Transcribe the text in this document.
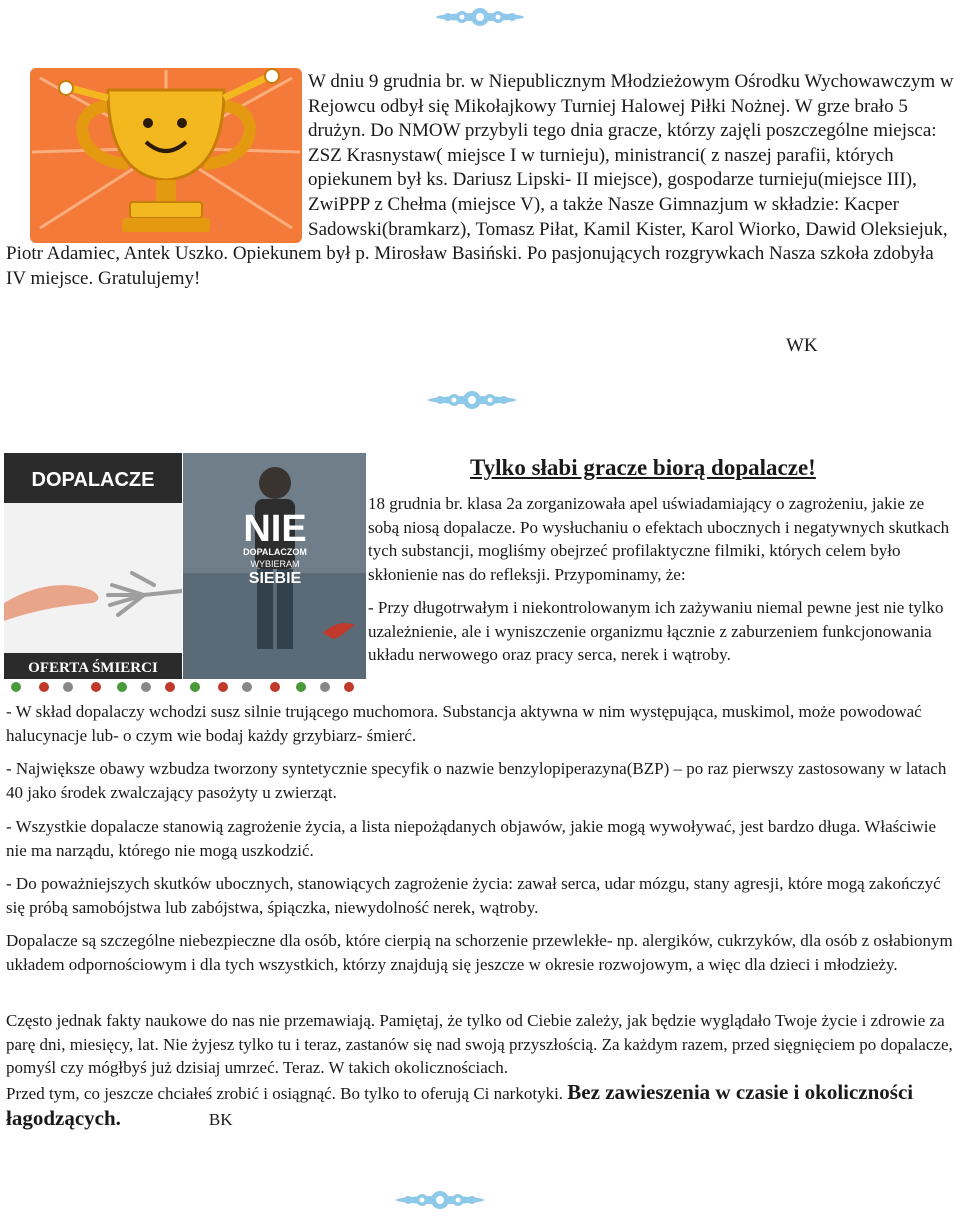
W dniu 9 grudnia br. w Niepublicznym Młodzieżowym Ośrodku Wychowawczym w Rejowcu odbył się Mikołajkowy Turniej Halowej Piłki Nożnej. W grze brało 5 drużyn. Do NMOW przybyli tego dnia gracze, którzy zajęli poszczególne miejsca: ZSZ Krasnystaw( miejsce I w turnieju), ministranci( z naszej parafii, których opiekunem był ks. Dariusz Lipski- II miejsce), gospodarze turnieju(miejsce III), ZwiPPP z Chełma (miejsce V), a także Nasze Gimnazjum w składzie: Kacper Sadowski(bramkarz), Tomasz Piłat, Kamil Kister, Karol Wiorko, Dawid Oleksiejuk, Piotr Adamiec, Antek Uszko. Opiekunem był p. Mirosław Basiński. Po pasjonujących rozgrywkach Nasza szkoła zdobyła IV miejsce. Gratulujemy!

WK
DOPALACZE
OFERTA ŚMIERCI
NIE
DOPALACZOM
WYBIERAM
SIEBIE
Tylko słabi gracze biorą dopalacze!

18 grudnia br. klasa 2a zorganizowała apel uświadamiający o zagrożeniu, jakie ze sobą niosą dopalacze. Po wysłuchaniu o efektach ubocznych i negatywnych skutkach tych substancji, mogliśmy obejrzeć profilaktyczne filmiki, których celem było skłonienie nas do refleksji. Przypominamy, że:

- Przy długotrwałym i niekontrolowanym ich zażywaniu niemal pewne jest nie tylko uzależnienie, ale i wyniszczenie organizmu łącznie z zaburzeniem funkcjonowania układu nerwowego oraz pracy serca, nerek i wątroby.

- W skład dopalaczy wchodzi susz silnie trującego muchomora. Substancja aktywna w nim występująca, muskimol, może powodować halucynacje lub- o czym wie bodaj każdy grzybiarz- śmierć.

- Największe obawy wzbudza tworzony syntetycznie specyfik o nazwie benzylopiperazyna(BZP) – po raz pierwszy zastosowany w latach 40 jako środek zwalczający pasożyty u zwierząt.

- Wszystkie dopalacze stanowią zagrożenie życia, a lista niepożądanych objawów, jakie mogą wywoływać, jest bardzo długa. Właściwie nie ma narządu, którego nie mogą uszkodzić.

- Do poważniejszych skutków ubocznych, stanowiących zagrożenie życia: zawał serca, udar mózgu, stany agresji, które mogą zakończyć się próbą samobójstwa lub zabójstwa, śpiączka, niewydolność nerek, wątroby.

Dopalacze są szczególne niebezpieczne dla osób, które cierpią na schorzenie przewlekłe- np. alergików, cukrzyków, dla osób z osłabionym układem odpornościowym i dla tych wszystkich, którzy znajdują się jeszcze w okresie rozwojowym, a więc dla dzieci i młodzieży.

Często jednak fakty naukowe do nas nie przemawiają. Pamiętaj, że tylko od Ciebie zależy, jak będzie wyglądało Twoje życie i zdrowie za parę dni, miesięcy, lat. Nie żyjesz tylko tu i teraz, zastanów się nad swoją przyszłością. Za każdym razem, przed sięgnięciem po dopalacze, pomyśl czy mógłbyś już dzisiaj umrzeć. Teraz. W takich okolicznościach.

Przed tym, co jeszcze chciałeś zrobić i osiągnąć. Bo tylko to oferują Ci narkotyki. Bez zawieszenia w czasie i okoliczności łagodzących.	BK
